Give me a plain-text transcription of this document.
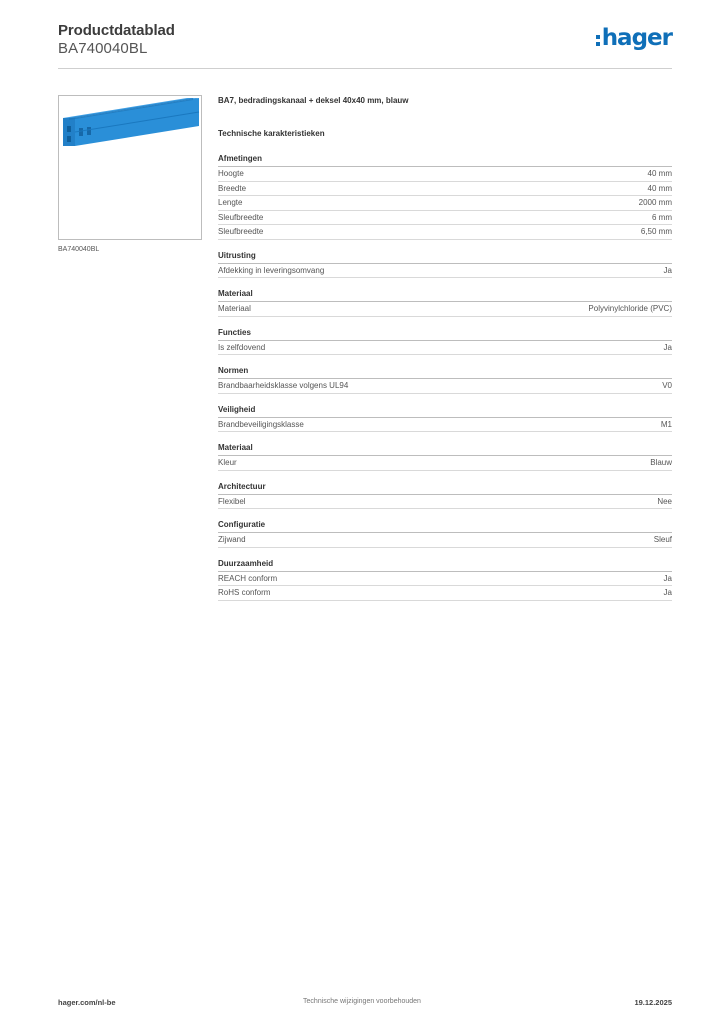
Productdatablad
BA740040BL	hager
BA740040BL
BA7, bedradingskanaal + deksel 40x40 mm, blauw
Technische karakteristieken
Afmetingen
Hoogte	40 mm
Breedte	40 mm
Lengte	2000 mm
Sleufbreedte	6 mm
Sleufbreedte	6,50 mm
Uitrusting
Afdekking in leveringsomvang	Ja
Materiaal
Materiaal	Polyvinylchloride (PVC)
Functies
Is zelfdovend	Ja
Normen
Brandbaarheidsklasse volgens UL94	V0
Veiligheid
Brandbeveiligingsklasse	M1
Materiaal
Kleur	Blauw
Architectuur
Flexibel	Nee
Configuratie
Zijwand	Sleuf
Duurzaamheid
REACH conform	Ja
RoHS conform	Ja
hager.com/nl-be	Technische wijzigingen voorbehouden	19.12.2025
